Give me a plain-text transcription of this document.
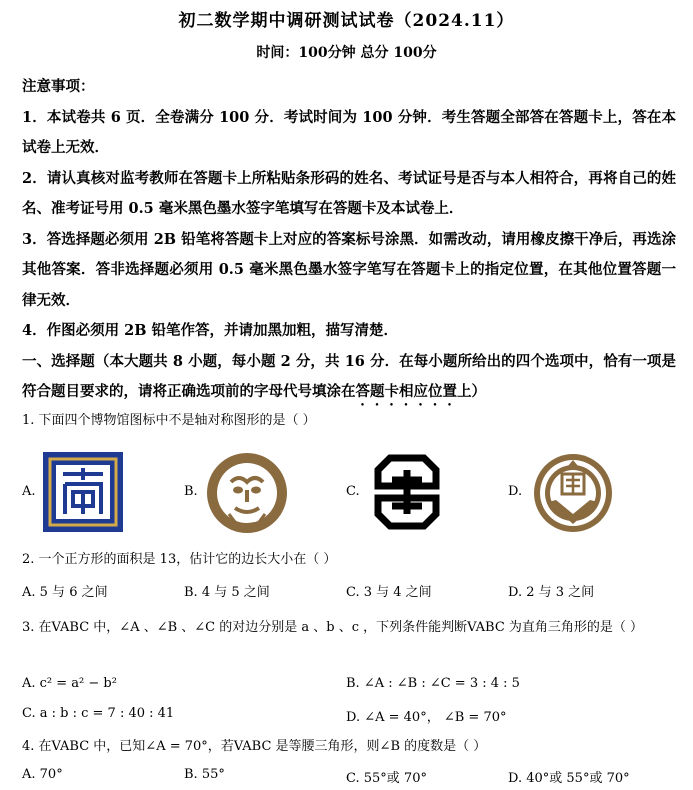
初二数学期中调研测试试卷（2024.11）
时间：100分钟 总分 100分

注意事项：

1．本试卷共 6 页．全卷满分 100 分．考试时间为 100 分钟．考生答题全部答在答题卡上，答在本试卷上无效．

2．请认真核对监考教师在答题卡上所粘贴条形码的姓名、考试证号是否与本人相符合，再将自己的姓名、准考证号用 0.5 毫米黑色墨水签字笔填写在答题卡及本试卷上．

3．答选择题必须用 2B 铅笔将答题卡上对应的答案标号涂黑．如需改动，请用橡皮擦干净后，再选涂其他答案．答非选择题必须用 0.5 毫米黑色墨水签字笔写在答题卡上的指定位置，在其他位置答题一律无效．

4．作图必须用 2B 铅笔作答，并请加黑加粗，描写清楚．

一、选择题（本大题共 8 小题，每小题 2 分，共 16 分．在每小题所给出的四个选项中，恰有一项是符合题目要求的，请将正确选项前的字母代号填涂在答题卡相应位置上）

1. 下面四个博物馆图标中不是轴对称图形的是（ ）
A.	B.	C.	D.
2. 一个正方形的面积是 13，估计它的边长大小在（ ）
A. 5 与 6 之间	B. 4 与 5 之间	C. 3 与 4 之间	D. 2 与 3 之间
3. 在VABC 中，∠A 、∠B 、∠C 的对边分别是 a 、b 、c ，下列条件能判断VABC 为直角三角形的是（ ）
A. c² = a² − b²	B. ∠A : ∠B : ∠C = 3 : 4 : 5
C. a : b : c = 7 : 40 : 41	D. ∠A = 40°， ∠B = 70°
4. 在VABC 中，已知∠A = 70°，若VABC 是等腰三角形，则∠B 的度数是（ ）
A. 70°	B. 55°	C. 55°或 70°	D. 40°或 55°或 70°
